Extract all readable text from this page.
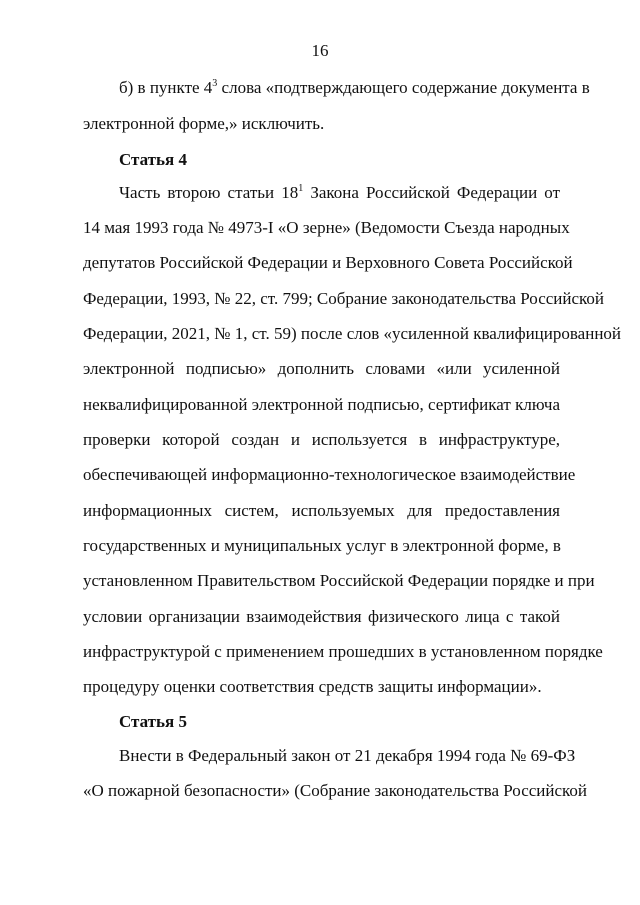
16
б) в пункте $4^3$ слова «подтверждающего содержание документа в
электронной форме,» исключить.
Статья 4
Часть второю статьи $18^1$ Закона Российской Федерации от
14 мая 1993 года № 4973-I «О зерне» (Ведомости Съезда народных
депутатов Российской Федерации и Верховного Совета Российской
Федерации, 1993, № 22, ст. 799; Собрание законодательства Российской
Федерации, 2021, № 1, ст. 59) после слов «усиленной квалифицированной
электронной подписью» дополнить словами «или усиленной
неквалифицированной электронной подписью, сертификат ключа
проверки которой создан и используется в инфраструктуре,
обеспечивающей информационно-технологическое взаимодействие
информационных систем, используемых для предоставления
государственных и муниципальных услуг в электронной форме, в
установленном Правительством Российской Федерации порядке и при
условии организации взаимодействия физического лица с такой
инфраструктурой с применением прошедших в установленном порядке
процедуру оценки соответствия средств защиты информации».
Статья 5
Внести в Федеральный закон от 21 декабря 1994 года № 69-ФЗ
«О пожарной безопасности» (Собрание законодательства Российской
